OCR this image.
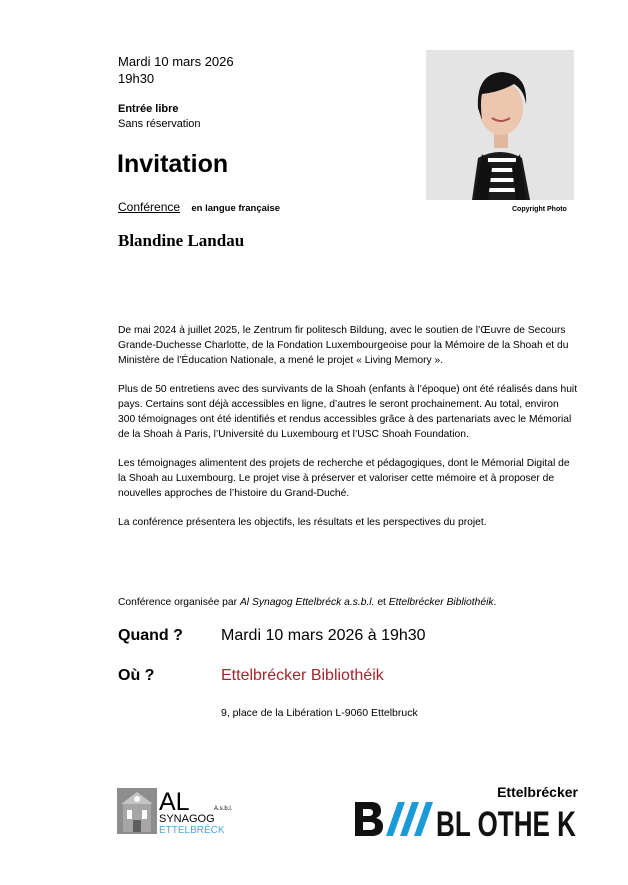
Mardi 10 mars 2026
19h30
Entrée libre
Sans réservation
Invitation
Conférence en langue française
Blandine Landau
Copyright Photo

De mai 2024 à juillet 2025, le Zentrum fir politesch Bildung, avec le soutien de l’Œuvre de Secours Grande-Duchesse Charlotte, de la Fondation Luxembourgeoise pour la Mémoire de la Shoah et du Ministère de l’Éducation Nationale, a mené le projet « Living Memory ».

Plus de 50 entretiens avec des survivants de la Shoah (enfants à l’époque) ont été réalisés dans huit pays. Certains sont déjà accessibles en ligne, d’autres le seront prochainement. Au total, environ 300 témoignages ont été identifiés et rendus accessibles grâce à des partenariats avec le Mémorial de la Shoah à Paris, l’Université du Luxembourg et l’USC Shoah Foundation.

Les témoignages alimentent des projets de recherche et pédagogiques, dont le Mémorial Digital de la Shoah au Luxembourg. Le projet vise à préserver et valoriser cette mémoire et à proposer de nouvelles approches de l’histoire du Grand-Duché.

La conférence présentera les objectifs, les résultats et les perspectives du projet.

Conférence organisée par Al Synagog Ettelbréck a.s.b.l. et Ettelbrécker Bibliothéik.
Quand ? Mardi 10 mars 2026 à 19h30
Où ?	Ettelbrécker Bibliothéik
9, place de la Libération L-9060 Ettelbruck
AL	A.s.b.l.
SYNAGOG
ETTELBRÉCK
Ettelbrécker
BL OTHE K
